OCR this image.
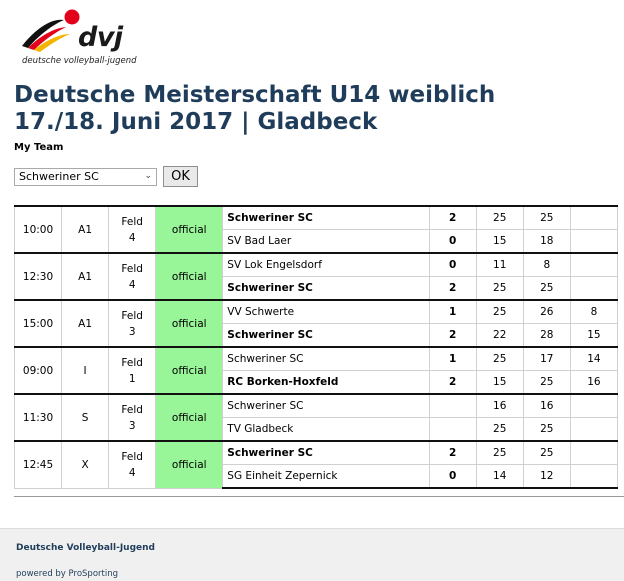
dvj
deutsche volleyball-jugend
Deutsche Meisterschaft U14 weiblich
17./18. Juni 2017 | Gladbeck
My Team
Schweriner SC	⌄	OK
10:00	A1	Feld
4	official	Schweriner SC	2	25	25	
				SV Bad Laer	0	15	18	
12:30	A1	Feld
4	official	SV Lok Engelsdorf	0	11	8	
				Schweriner SC	2	25	25	
15:00	A1	Feld
3	official	VV Schwerte	1	25	26	8
				Schweriner SC	2	22	28	15
09:00	I	Feld
1	official	Schweriner SC	1	25	17	14
				RC Borken-Hoxfeld	2	15	25	16
11:30	S	Feld
3	official	Schweriner SC		16	16	
				TV Gladbeck		25	25	
12:45	X	Feld
4	official	Schweriner SC	2	25	25	
				SG Einheit Zepernick	0	14	12	
Deutsche Volleyball-Jugend
powered by ProSporting
